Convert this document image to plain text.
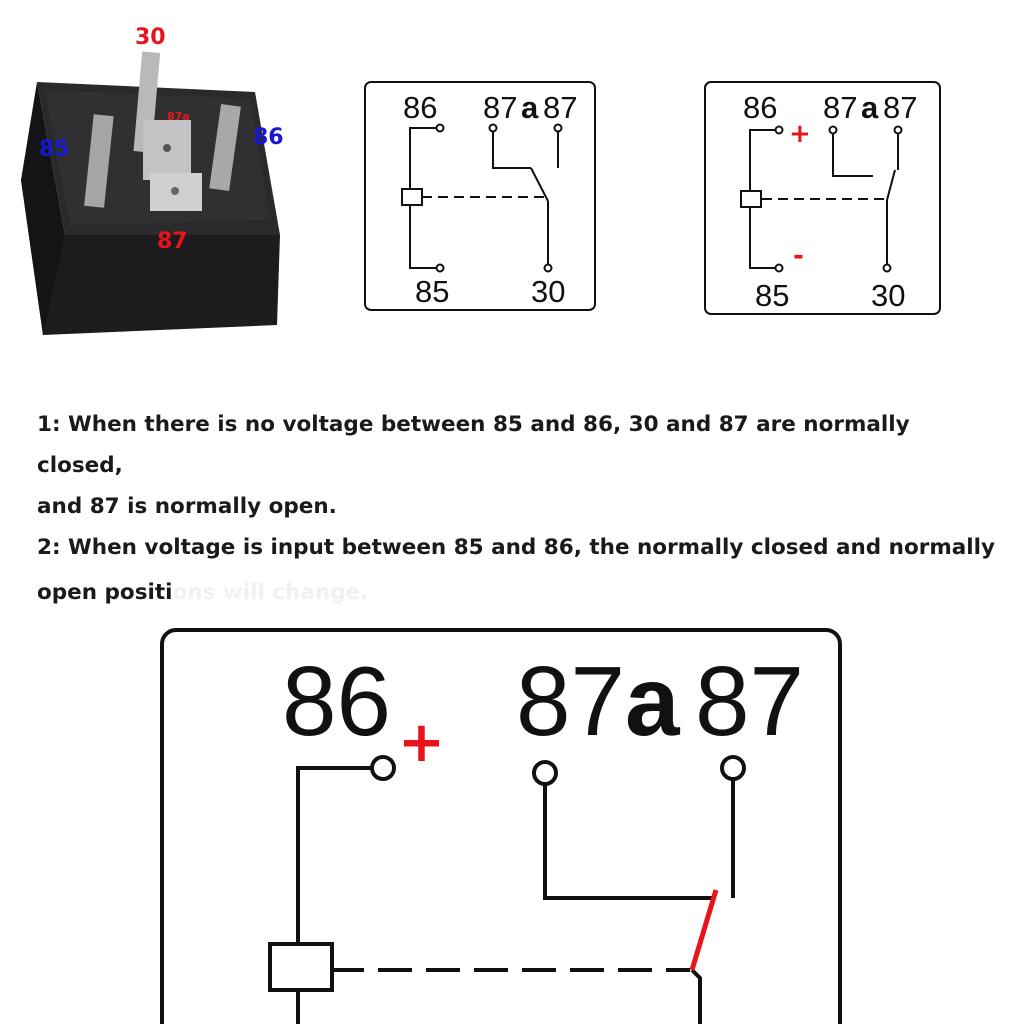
30
85	86
87
87a	86 87 a 87
85	30
86
+
87 a 87
-
85	30

1: When there is no voltage between 85 and 86, 30 and 87 are normally closed,

and 87 is normally open.

2: When voltage is input between 85 and 86, the normally closed and normally

open positions will change.

86 + 87 a 87
